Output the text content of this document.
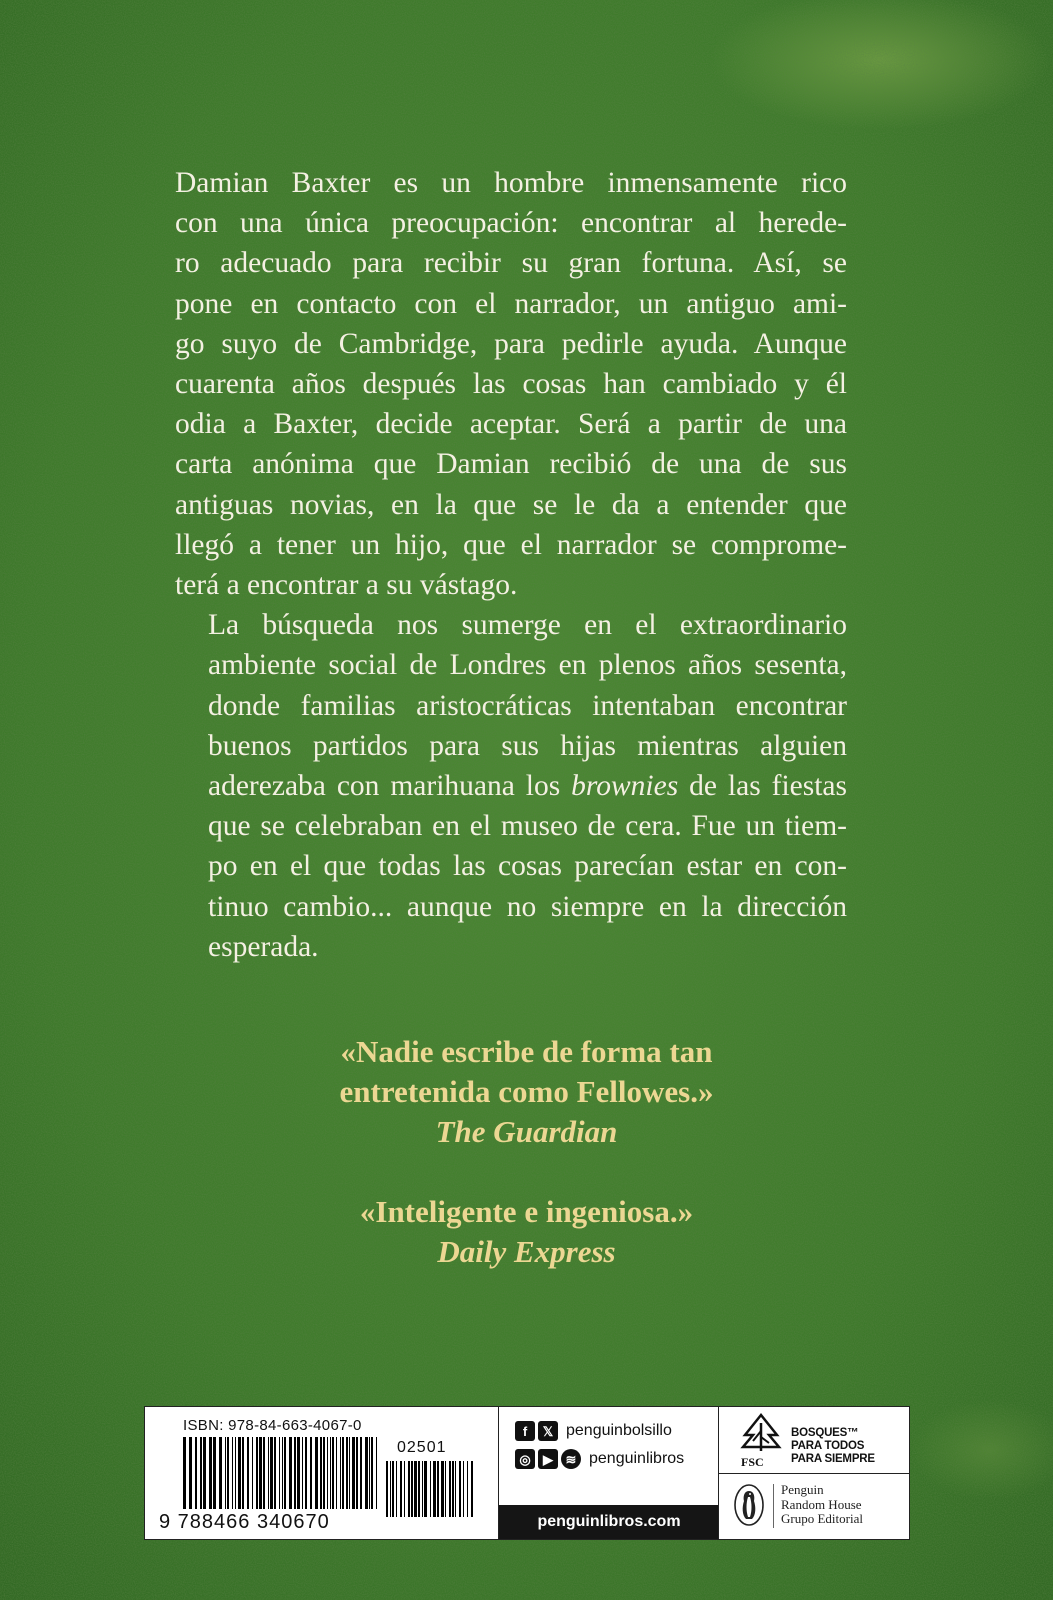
Damian Baxter es un hombre inmensamente rico
con una única preocupación: encontrar al herede-
ro adecuado para recibir su gran fortuna. Así, se
pone en contacto con el narrador, un antiguo ami-
go suyo de Cambridge, para pedirle ayuda. Aunque
cuarenta años después las cosas han cambiado y él
odia a Baxter, decide aceptar. Será a partir de una
carta anónima que Damian recibió de una de sus
antiguas novias, en la que se le da a entender que
llegó a tener un hijo, que el narrador se comprome-
terá a encontrar a su vástago.

La búsqueda nos sumerge en el extraordinario
ambiente social de Londres en plenos años sesenta,
donde familias aristocráticas intentaban encontrar
buenos partidos para sus hijas mientras alguien
aderezaba con marihuana los brownies de las fiestas
que se celebraban en el museo de cera. Fue un tiem-
po en el que todas las cosas parecían estar en con-
tinuo cambio... aunque no siempre en la dirección
esperada.

«Nadie escribe de forma tan
entretenida como Fellowes.»
The Guardian
«Inteligente e ingeniosa.»
Daily Express
ISBN: 978-84-663-4067-0
9 788466 340670
02501
f	𝕏 penguinbolsillo
◎ ▶ ≋ penguinlibros
penguinlibros.com
FSC
BOSQUES™
PARA TODOS
PARA SIEMPRE
Penguin
Random House
Grupo Editorial
